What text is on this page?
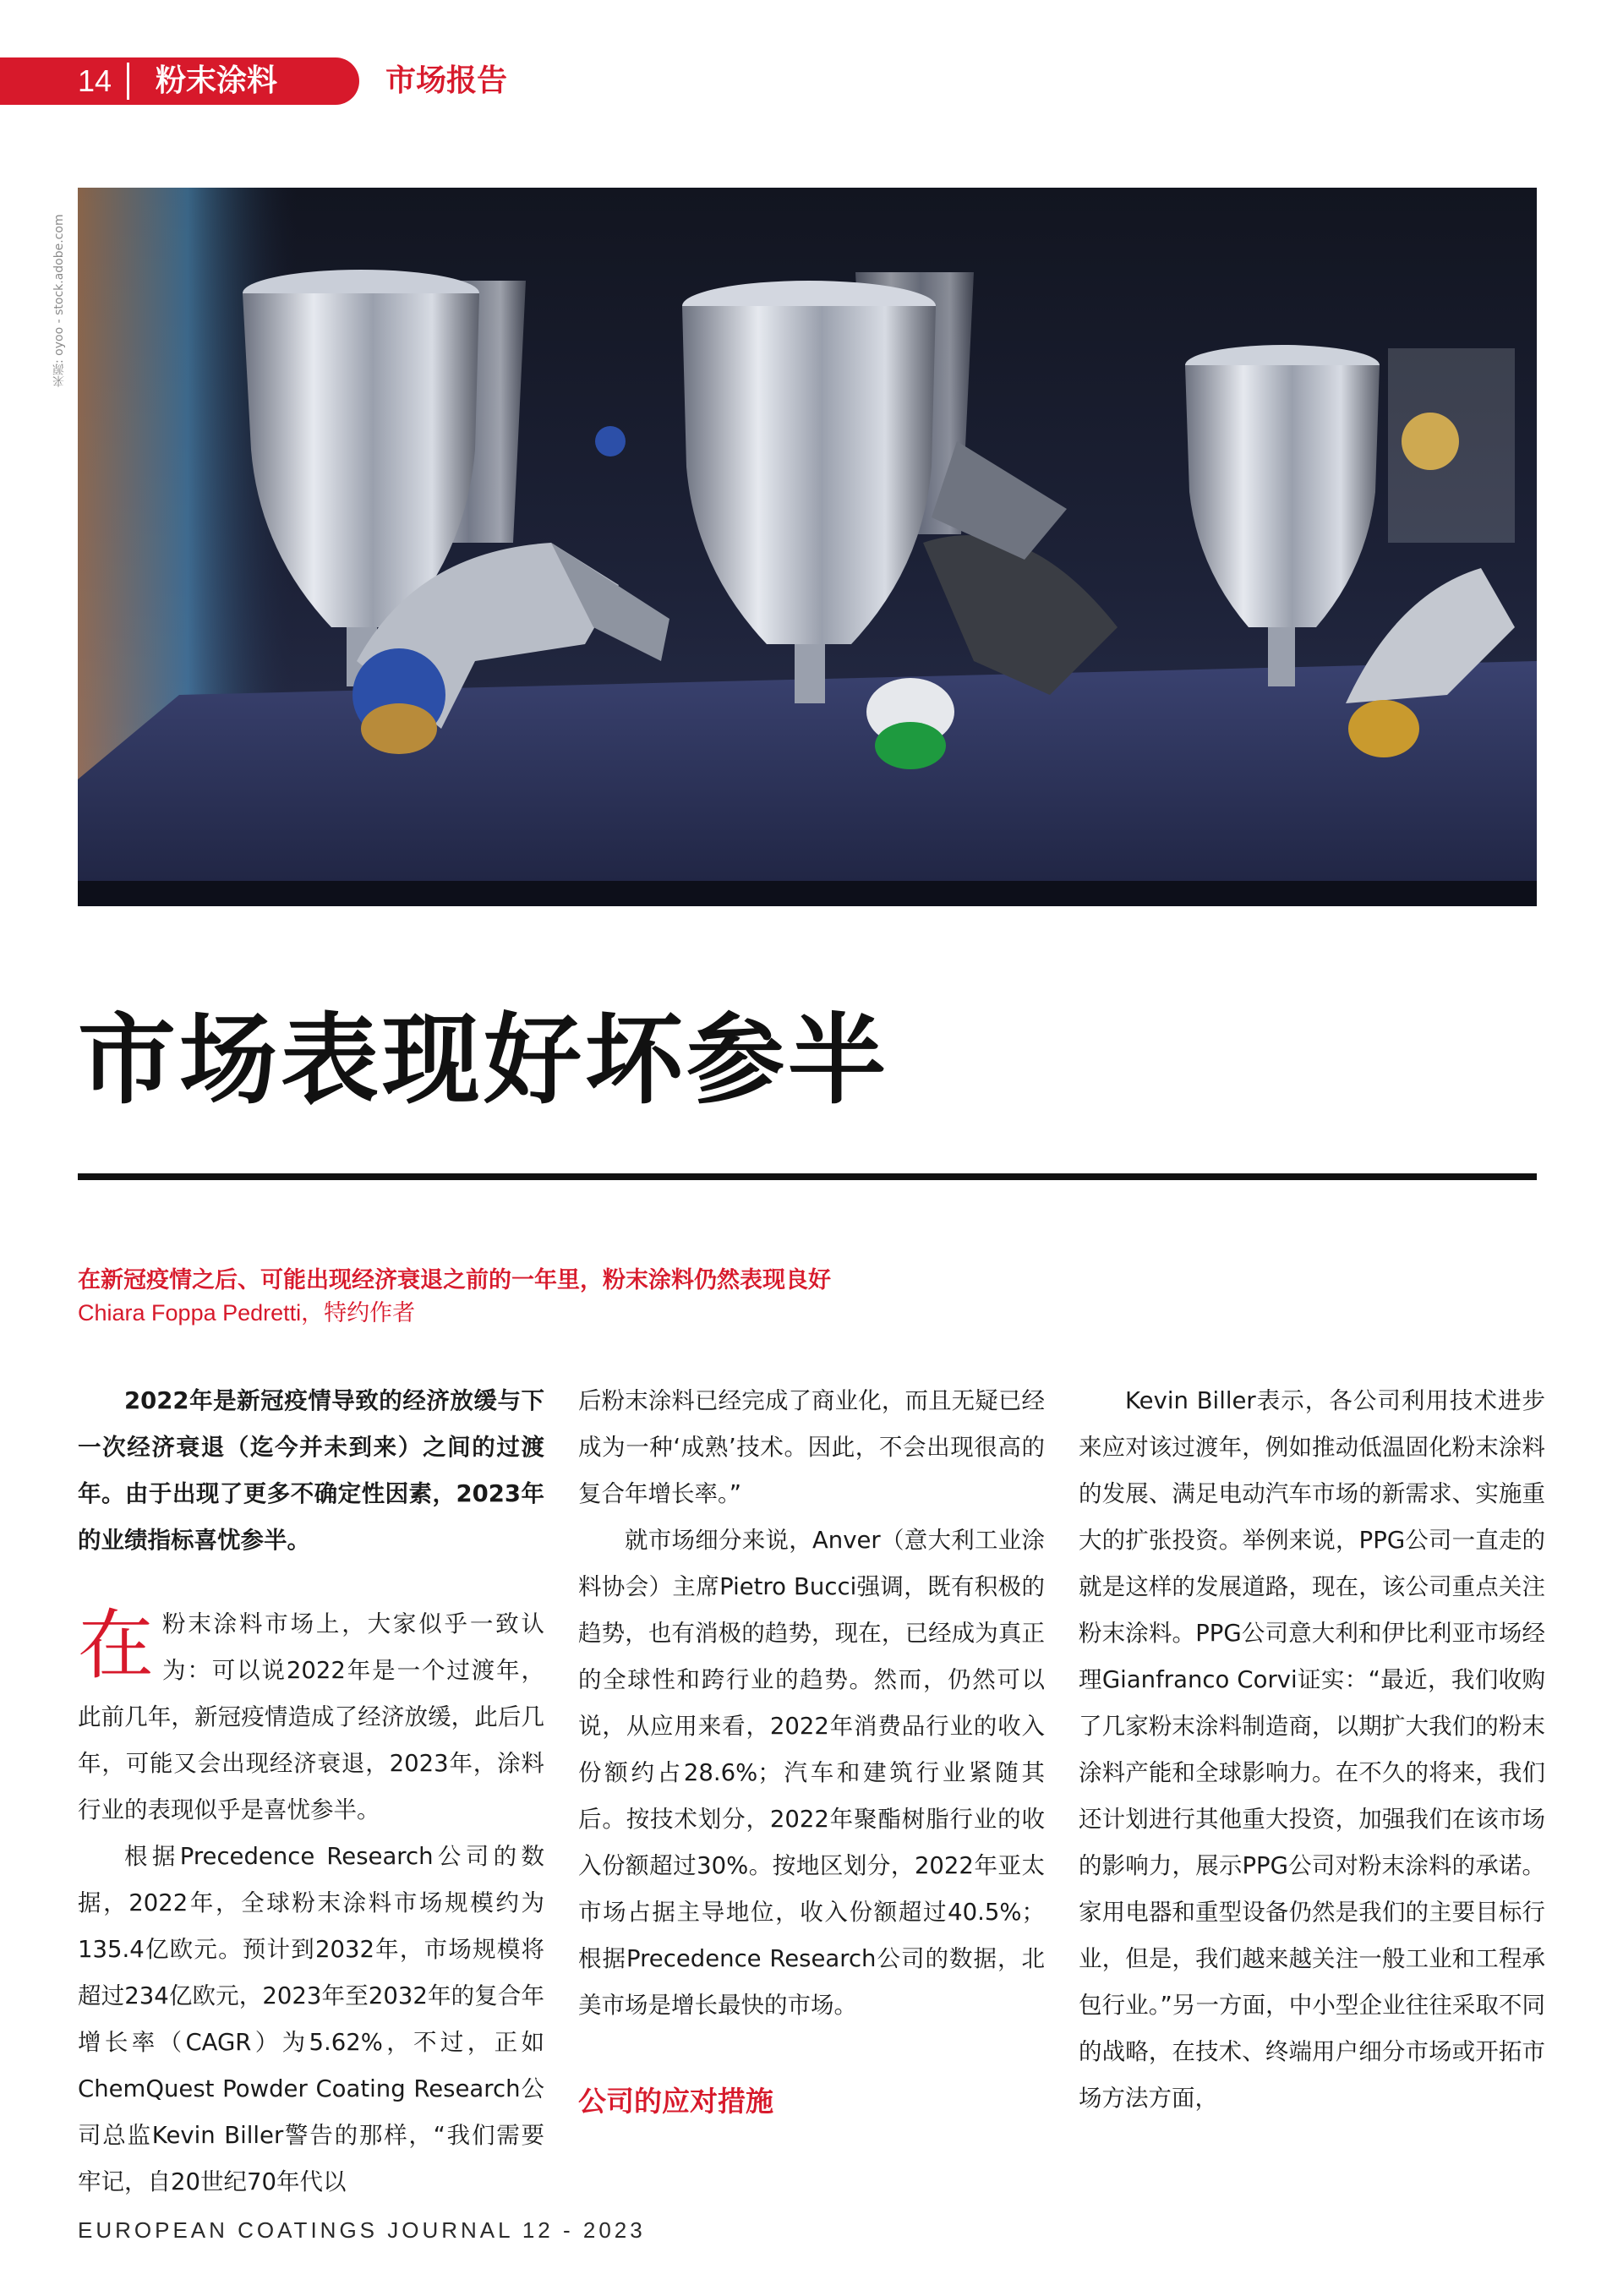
14 粉末涂料	市场报告
来源: oyoo - stock.adobe.com
市场表现好坏参半
在新冠疫情之后、可能出现经济衰退之前的一年里，粉末涂料仍然表现良好
Chiara Foppa Pedretti，特约作者

2022年是新冠疫情导致的经济放缓与下一次经济衰退（迄今并未到来）之间的过渡年。由于出现了更多不确定性因素，2023年的业绩指标喜忧参半。

在粉末涂料市场上，大家似乎一致认为：可以说2022年是一个过渡年，此前几年，新冠疫情造成了经济放缓，此后几年，可能又会出现经济衰退，2023年，涂料行业的表现似乎是喜忧参半。

根据Precedence Research公司的数据，2022年，全球粉末涂料市场规模约为135.4亿欧元。预计到2032年，市场规模将超过234亿欧元，2023年至2032年的复合年增长率（CAGR）为5.62%，不过，正如ChemQuest Powder Coating Research公司总监Kevin Biller警告的那样，“我们需要牢记，自20世纪70年代以

后粉末涂料已经完成了商业化，而且无疑已经成为一种‘成熟’技术。因此，不会出现很高的复合年增长率。”

就市场细分来说，Anver（意大利工业涂料协会）主席Pietro Bucci强调，既有积极的趋势，也有消极的趋势，现在，已经成为真正的全球性和跨行业的趋势。然而，仍然可以说，从应用来看，2022年消费品行业的收入份额约占28.6%；汽车和建筑行业紧随其后。按技术划分，2022年聚酯树脂行业的收入份额超过30%。按地区划分，2022年亚太市场占据主导地位，收入份额超过40.5%；根据Precedence Research公司的数据，北美市场是增长最快的市场。

公司的应对措施

Kevin Biller表示，各公司利用技术进步来应对该过渡年，例如推动低温固化粉末涂料的发展、满足电动汽车市场的新需求、实施重大的扩张投资。举例来说，PPG公司一直走的就是这样的发展道路，现在，该公司重点关注粉末涂料。PPG公司意大利和伊比利亚市场经理Gianfranco Corvi证实：“最近，我们收购了几家粉末涂料制造商，以期扩大我们的粉末涂料产能和全球影响力。在不久的将来，我们还计划进行其他重大投资，加强我们在该市场的影响力，展示PPG公司对粉末涂料的承诺。家用电器和重型设备仍然是我们的主要目标行业，但是，我们越来越关注一般工业和工程承包行业。”另一方面，中小型企业往往采取不同的战略，在技术、终端用户细分市场或开拓市场方法方面，

EUROPEAN COATINGS JOURNAL 12 - 2023
